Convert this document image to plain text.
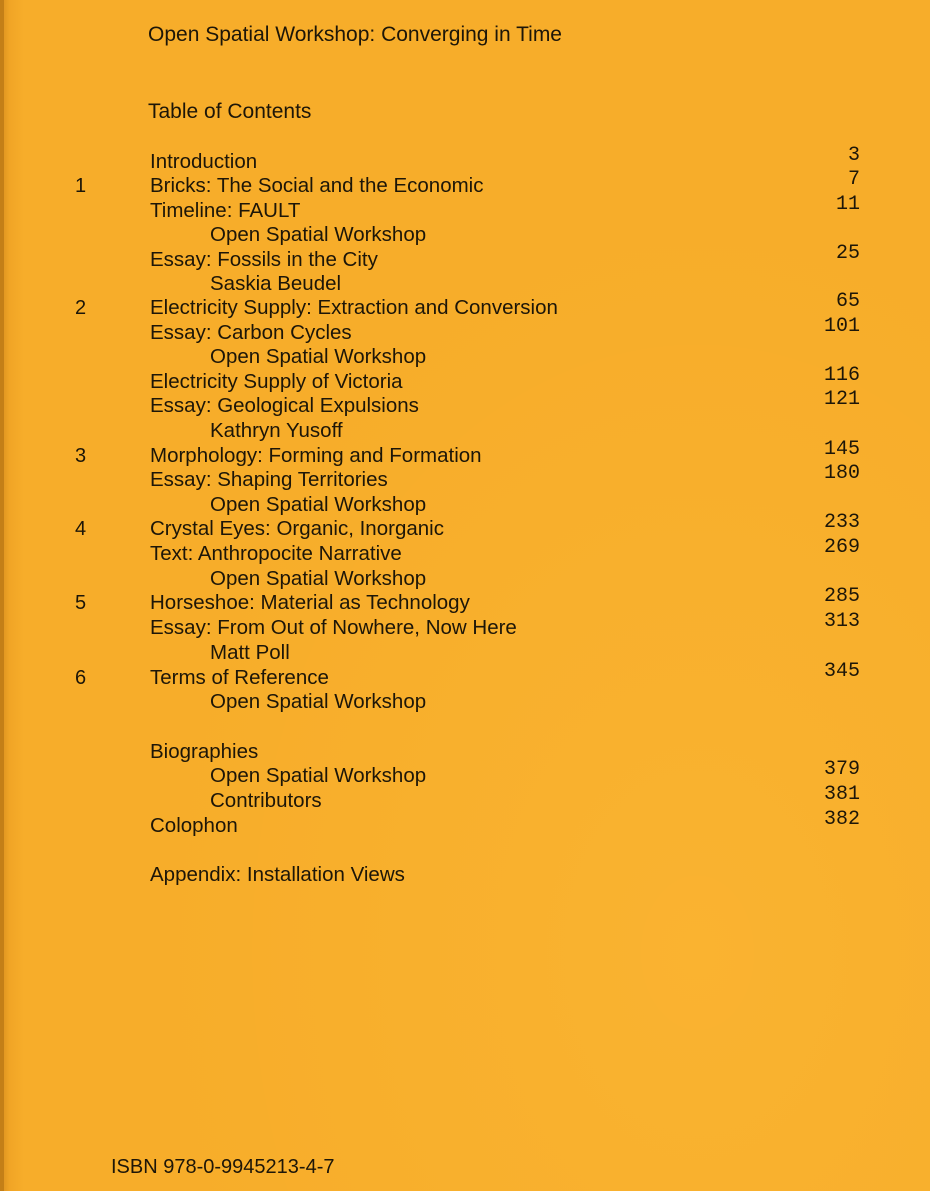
Open Spatial Workshop: Converging in Time
Table of Contents
Introduction	3
1	Bricks: The Social and the Economic	7
Timeline: FAULT	11
Open Spatial Workshop
Essay: Fossils in the City	25
Saskia Beudel
2	Electricity Supply: Extraction and Conversion	65
Essay: Carbon Cycles	101
Open Spatial Workshop
Electricity Supply of Victoria	116
Essay: Geological Expulsions	121
Kathryn Yusoff
3	Morphology: Forming and Formation	145
Essay: Shaping Territories	180
Open Spatial Workshop
4	Crystal Eyes: Organic, Inorganic	233
Text: Anthropocite Narrative	269
Open Spatial Workshop
5	Horseshoe: Material as Technology	285
Essay: From Out of Nowhere, Now Here	313
Matt Poll
6	Terms of Reference	345
Open Spatial Workshop
Biographies
Open Spatial Workshop	379
Contributors	381
Colophon	382
Appendix: Installation Views
ISBN 978-0-9945213-4-7
